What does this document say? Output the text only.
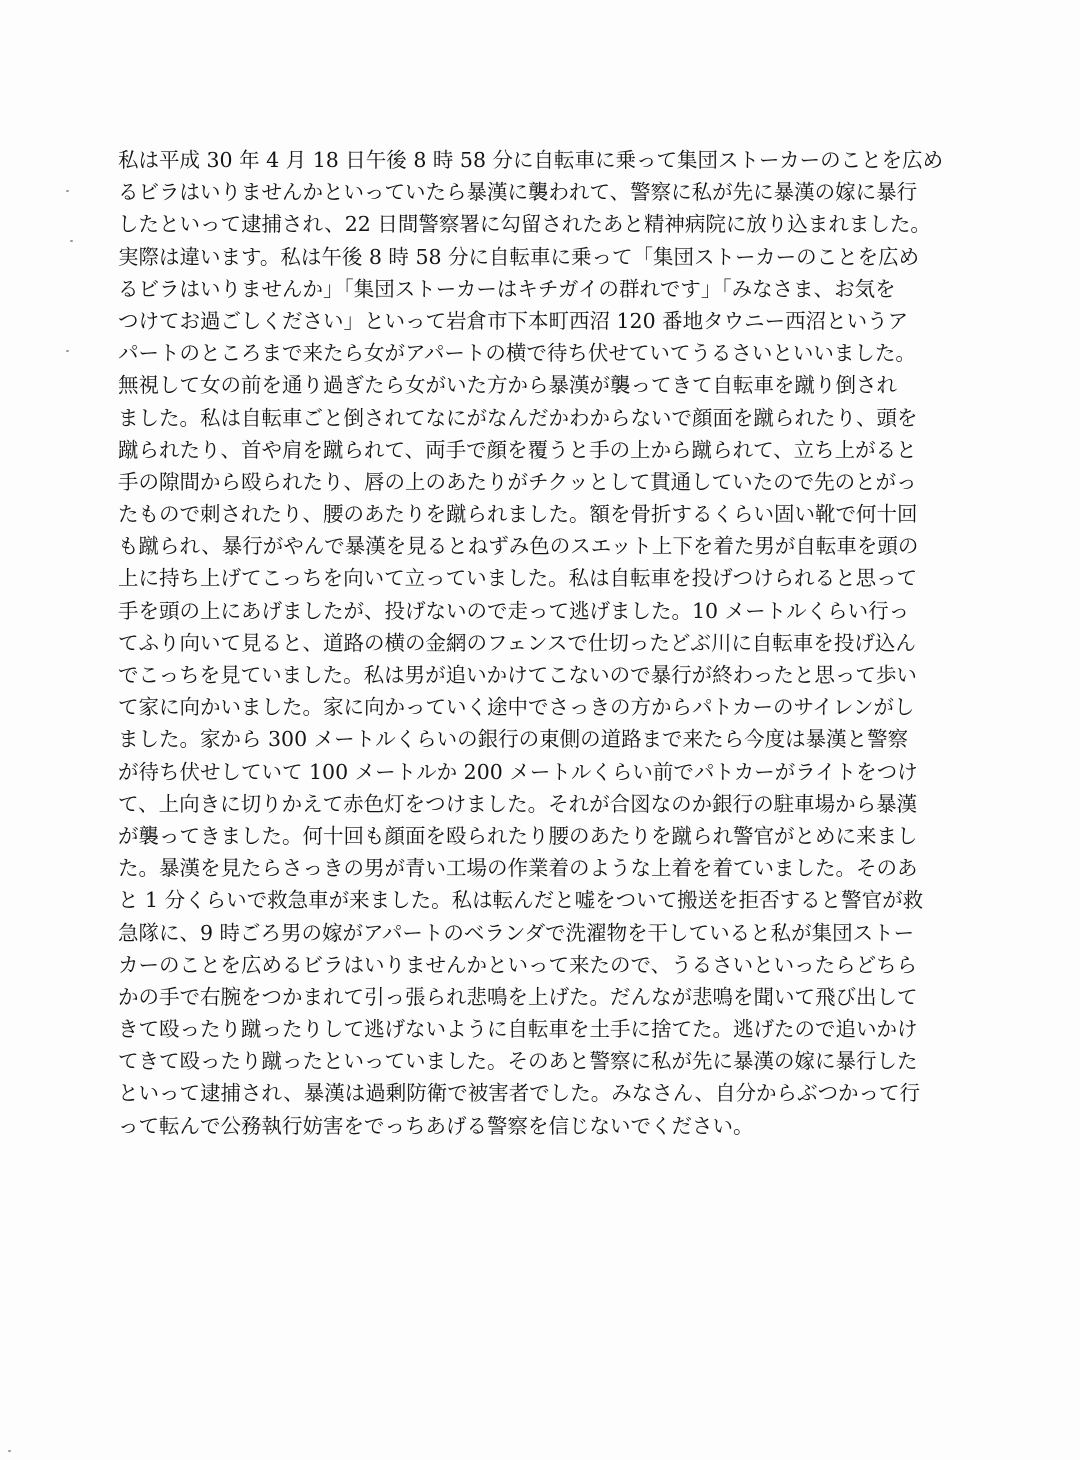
私は平成 30 年 4 月 18 日午後 8 時 58 分に自転車に乗って集団ストーカーのことを広め
るビラはいりませんかといっていたら暴漢に襲われて、警察に私が先に暴漢の嫁に暴行
したといって逮捕され、22 日間警察署に勾留されたあと精神病院に放り込まれました。
実際は違います。私は午後 8 時 58 分に自転車に乗って「集団ストーカーのことを広め
るビラはいりませんか」「集団ストーカーはキチガイの群れです」「みなさま、お気を
つけてお過ごしください」といって岩倉市下本町西沼 120 番地タウニー西沼というア
パートのところまで来たら女がアパートの横で待ち伏せていてうるさいといいました。
無視して女の前を通り過ぎたら女がいた方から暴漢が襲ってきて自転車を蹴り倒され
ました。私は自転車ごと倒されてなにがなんだかわからないで顔面を蹴られたり、頭を
蹴られたり、首や肩を蹴られて、両手で顔を覆うと手の上から蹴られて、立ち上がると
手の隙間から殴られたり、唇の上のあたりがチクッとして貫通していたので先のとがっ
たもので刺されたり、腰のあたりを蹴られました。額を骨折するくらい固い靴で何十回
も蹴られ、暴行がやんで暴漢を見るとねずみ色のスエット上下を着た男が自転車を頭の
上に持ち上げてこっちを向いて立っていました。私は自転車を投げつけられると思って
手を頭の上にあげましたが、投げないので走って逃げました。10 メートルくらい行っ
てふり向いて見ると、道路の横の金網のフェンスで仕切ったどぶ川に自転車を投げ込ん
でこっちを見ていました。私は男が追いかけてこないので暴行が終わったと思って歩い
て家に向かいました。家に向かっていく途中でさっきの方からパトカーのサイレンがし
ました。家から 300 メートルくらいの銀行の東側の道路まで来たら今度は暴漢と警察
が待ち伏せしていて 100 メートルか 200 メートルくらい前でパトカーがライトをつけ
て、上向きに切りかえて赤色灯をつけました。それが合図なのか銀行の駐車場から暴漢
が襲ってきました。何十回も顔面を殴られたり腰のあたりを蹴られ警官がとめに来まし
た。暴漢を見たらさっきの男が青い工場の作業着のような上着を着ていました。そのあ
と 1 分くらいで救急車が来ました。私は転んだと嘘をついて搬送を拒否すると警官が救
急隊に、9 時ごろ男の嫁がアパートのベランダで洗濯物を干していると私が集団ストー
カーのことを広めるビラはいりませんかといって来たので、うるさいといったらどちら
かの手で右腕をつかまれて引っ張られ悲鳴を上げた。だんなが悲鳴を聞いて飛び出して
きて殴ったり蹴ったりして逃げないように自転車を土手に捨てた。逃げたので追いかけ
てきて殴ったり蹴ったといっていました。そのあと警察に私が先に暴漢の嫁に暴行した
といって逮捕され、暴漢は過剰防衛で被害者でした。みなさん、自分からぶつかって行
って転んで公務執行妨害をでっちあげる警察を信じないでください。
